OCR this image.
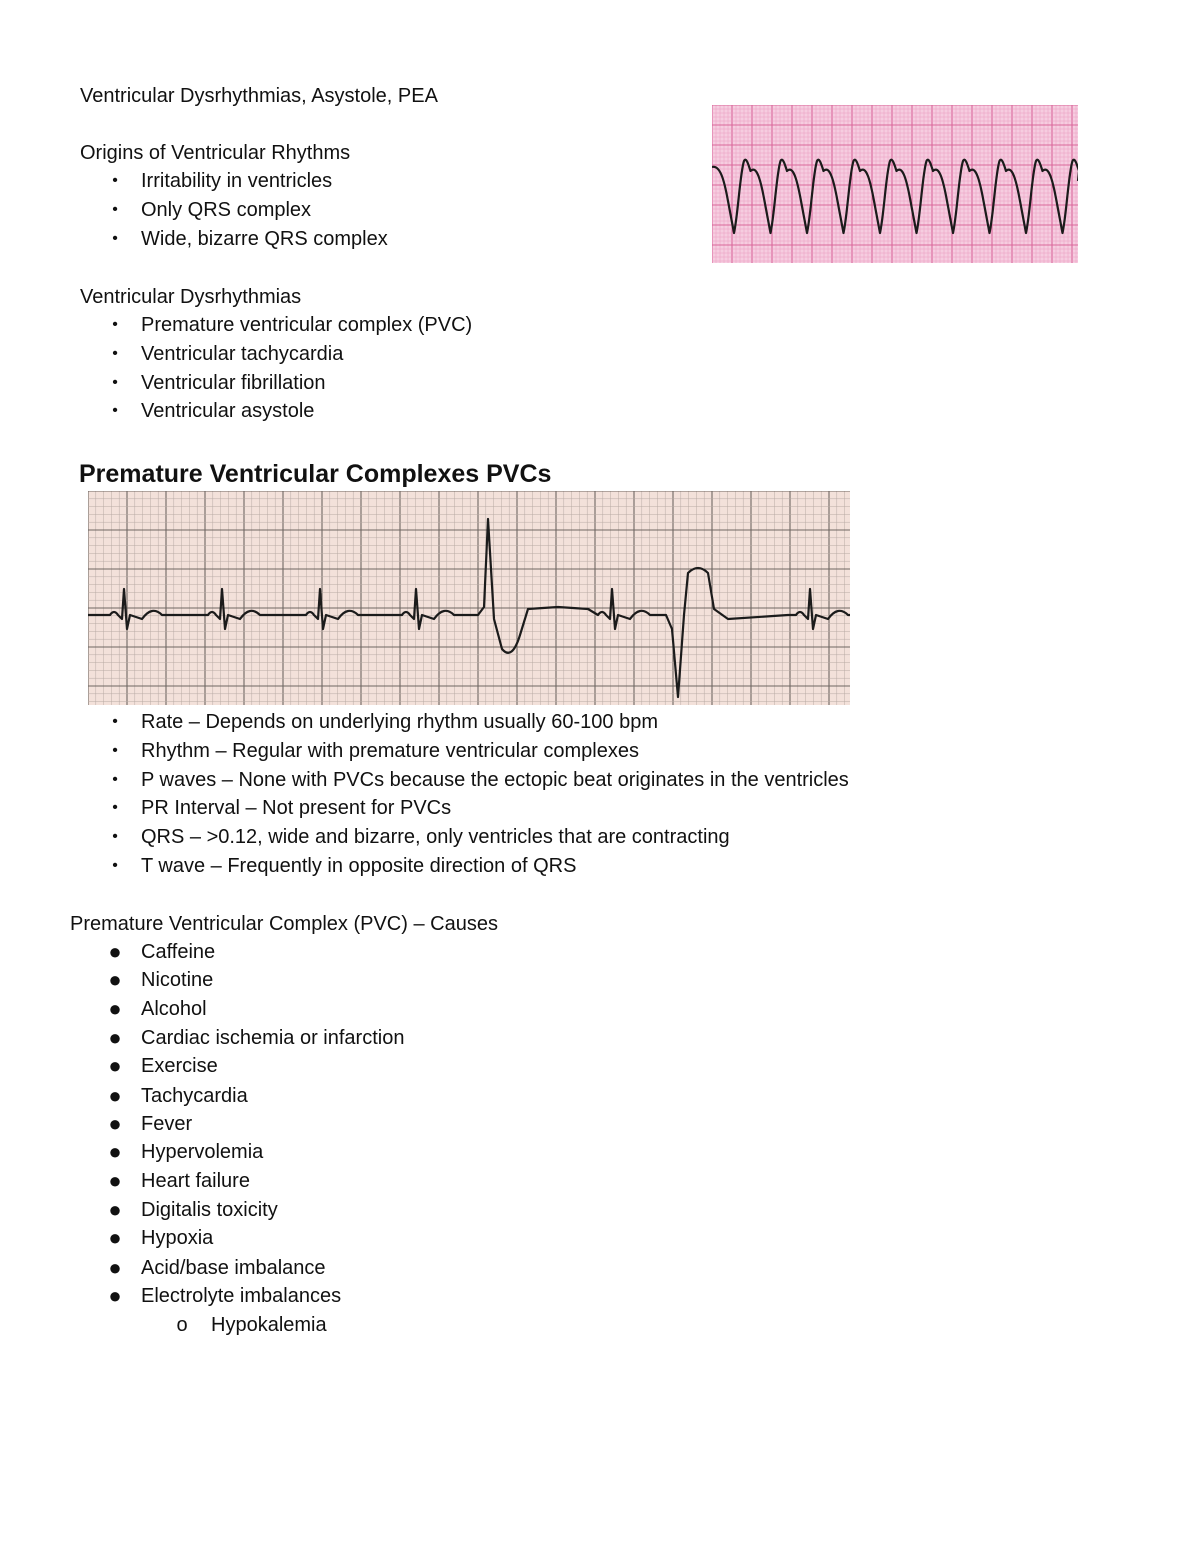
Ventricular Dysrhythmias, Asystole, PEA
Origins of Ventricular Rhythms
• Irritability in ventricles
• Only QRS complex
• Wide, bizarre QRS complex
Ventricular Dysrhythmias
• Premature ventricular complex (PVC)
• Ventricular tachycardia
• Ventricular fibrillation
• Ventricular asystole
Premature Ventricular Complexes PVCs
• Rate – Depends on underlying rhythm usually 60-100 bpm
• Rhythm – Regular with premature ventricular complexes
• P waves – None with PVCs because the ectopic beat originates in the ventricles
• PR Interval – Not present for PVCs
• QRS – >0.12, wide and bizarre, only ventricles that are contracting
• T wave – Frequently in opposite direction of QRS
Premature Ventricular Complex (PVC) – Causes
● Caffeine
● Nicotine
● Alcohol
● Cardiac ischemia or infarction
● Exercise
● Tachycardia
● Fever
● Hypervolemia
● Heart failure
● Digitalis toxicity
● Hypoxia
● Acid/base imbalance
● Electrolyte imbalances
o Hypokalemia
